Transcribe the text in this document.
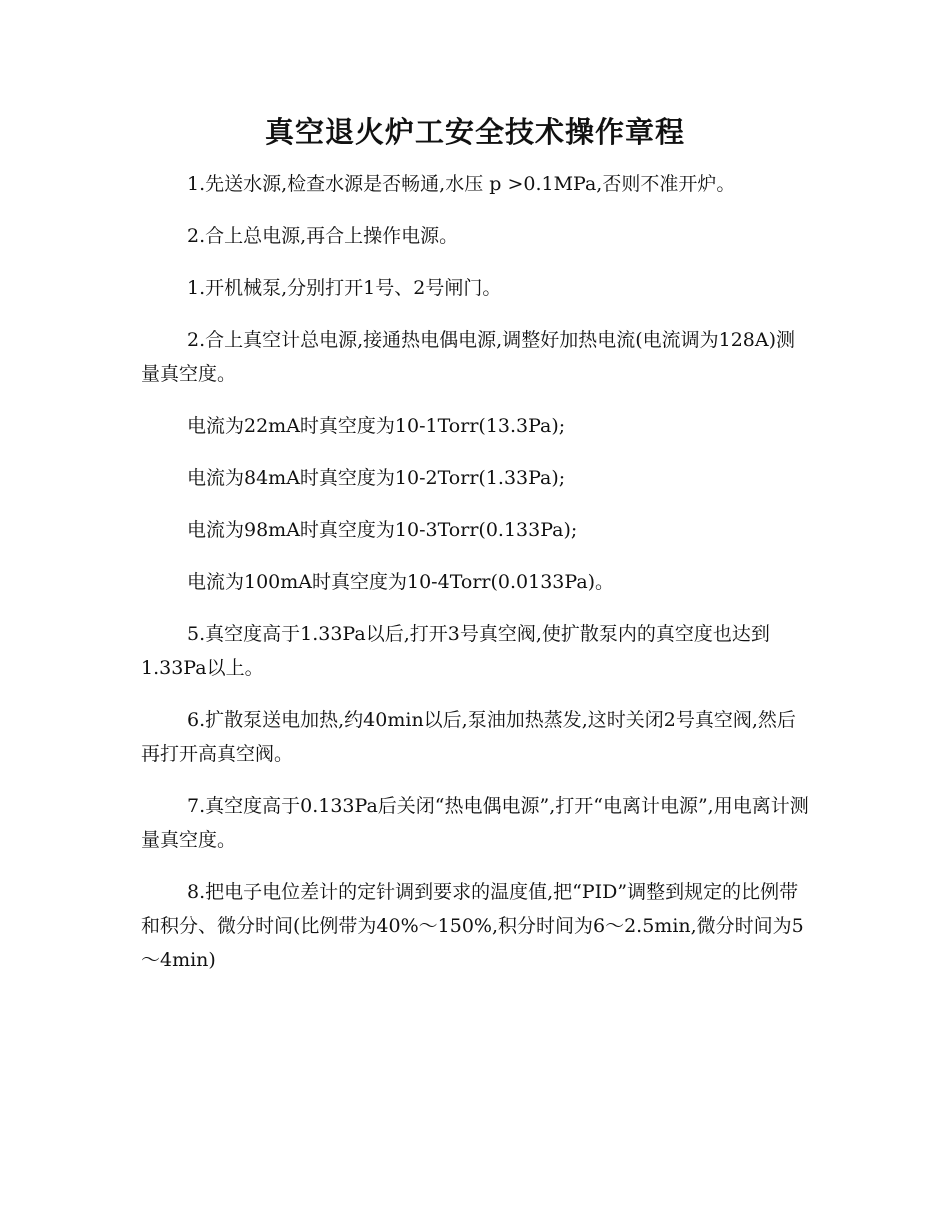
真空退火炉工安全技术操作章程

1.先送水源,检查水源是否畅通,水压 p >0.1MPa,否则不准开炉。

2.合上总电源,再合上操作电源。

1.开机械泵,分别打开1号、2号闸门。

2.合上真空计总电源,接通热电偶电源,调整好加热电流(电流调为128A)测量真空度。

电流为22mA时真空度为10-1Torr(13.3Pa);

电流为84mA时真空度为10-2Torr(1.33Pa);

电流为98mA时真空度为10-3Torr(0.133Pa);

电流为100mA时真空度为10-4Torr(0.0133Pa)。

5.真空度高于1.33Pa以后,打开3号真空阀,使扩散泵内的真空度也达到1.33Pa以上。

6.扩散泵送电加热,约40min以后,泵油加热蒸发,这时关闭2号真空阀,然后再打开高真空阀。

7.真空度高于0.133Pa后关闭“热电偶电源”,打开“电离计电源”,用电离计测量真空度。

8.把电子电位差计的定针调到要求的温度值,把“PID”调整到规定的比例带和积分、微分时间(比例带为40%～150%,积分时间为6～2.5min,微分时间为5～4min)
